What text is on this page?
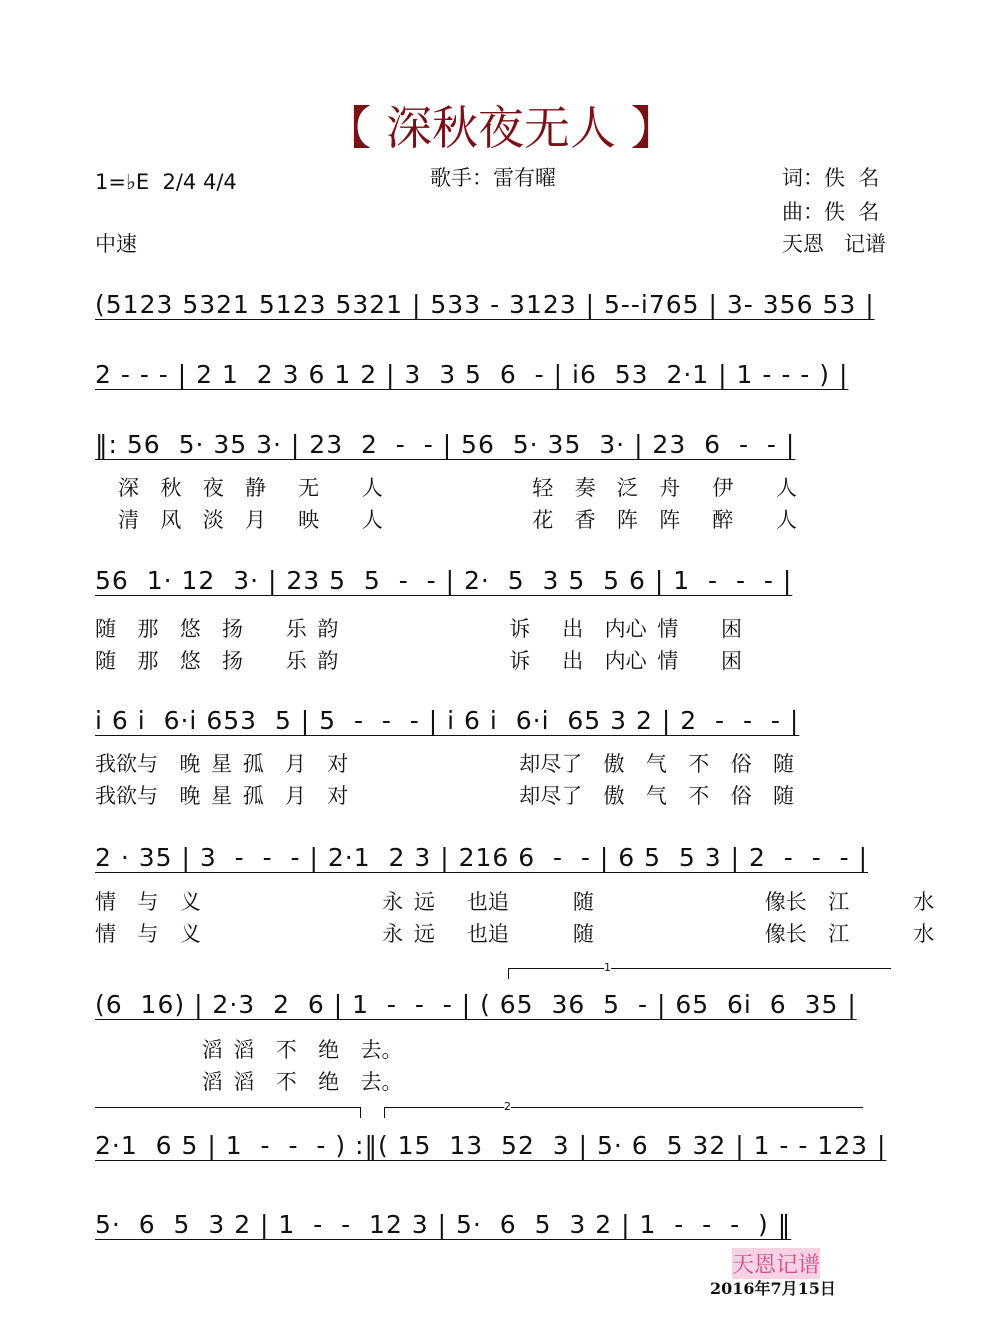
【 深秋夜无人 】
1=♭E  2/4 4/4
中速
歌手：雷有曜	词：佚  名
曲：佚  名
天恩   记谱
(5123 5321 5123 5321 | 533 - 3123 | 5--i765 | 3- 356 53 |
2 - - - | 2 1  2 3 6 1 2 | 3  3 5  6  - | i6  53  2·1 | 1 - - - ) |
‖: 56  5· 35 3· | 23  2  -  - | 56  5· 35  3· | 23  6  -  - |
深  秋  夜  静   无    人              轻  奏  泛  舟   伊    人
清  风  淡  月   映    人              花  香  阵  阵   醉    人
56  1· 12  3· | 23 5  5  -  - | 2·  5  3 5  5 6 | 1  -  -  - |
随  那  悠  扬    乐 韵                诉   出  内心 情    困
随  那  悠  扬    乐 韵                诉   出  内心 情    困
i 6 i  6·i 653  5 | 5  -  -  - | i 6 i  6·i  65 3 2 | 2  -  -  - |
我欲与  晚 星 孤  月  对                却尽了  傲  气  不  俗  随
我欲与  晚 星 孤  月  对                却尽了  傲  气  不  俗  随
2 · 35 | 3  -  -  - | 2·1  2 3 | 216 6  -  - | 6 5  5 3 | 2  -  -  - |
情  与  义                 永 远   也追      随                像长  江      水
情  与  义                 永 远   也追      随                像长  江      水
1
(6  16) | 2·3  2  6 | 1  -  -  - | ( 65  36  5  - | 65  6i  6  35 |
滔 滔  不  绝  去。
滔 滔  不  绝  去。
2
2·1  6 5 | 1  -  -  - ) :‖( 15  13  52  3 | 5· 6  5 32 | 1 - - 123 |
5·  6  5  3 2 | 1  -  -  12 3 | 5·  6  5  3 2 | 1  -  -  -  ) ‖
天恩记谱
2016年7月15日
